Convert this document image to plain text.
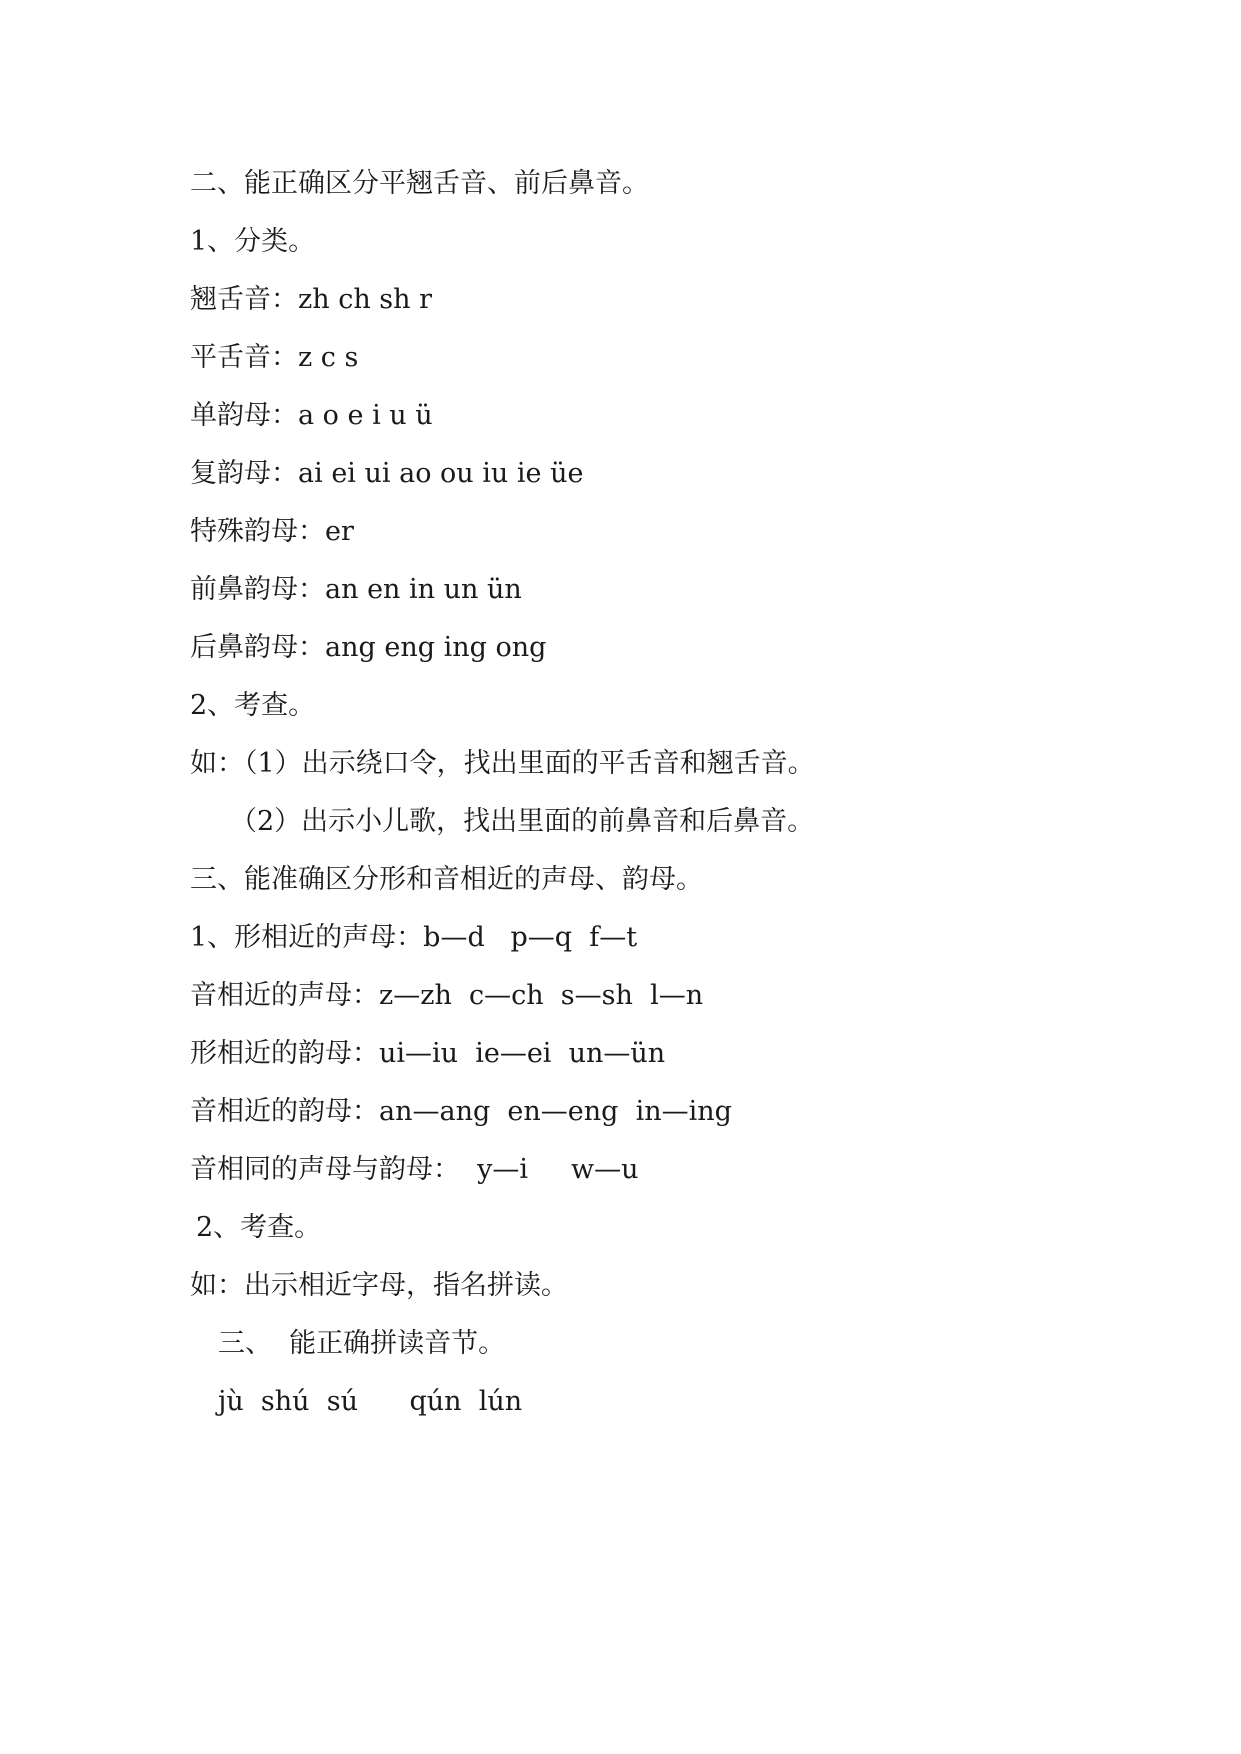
二、能正确区分平翘舌音、前后鼻音。

1、分类。

翘舌音：zh ch sh r

平舌音：z c s

单韵母：a o e i u ü

复韵母：ai ei ui ao ou iu ie üe

特殊韵母：er

前鼻韵母：an en in un ün

后鼻韵母：ang eng ing ong

2、考查。

如：（1）出示绕口令，找出里面的平舌音和翘舌音。

（2）出示小儿歌，找出里面的前鼻音和后鼻音。

三、能准确区分形和音相近的声母、韵母。

1、形相近的声母：b—d   p—q  f—t

音相近的声母：z—zh  c—ch  s—sh  l—n

形相近的韵母：ui—iu  ie—ei  un—ün

音相近的韵母：an—ang  en—eng  in—ing

音相同的声母与韵母：  y—i     w—u

2、考查。

如：出示相近字母，指名拼读。

三、  能正确拼读音节。

jù  shú  sú      qún  lún
